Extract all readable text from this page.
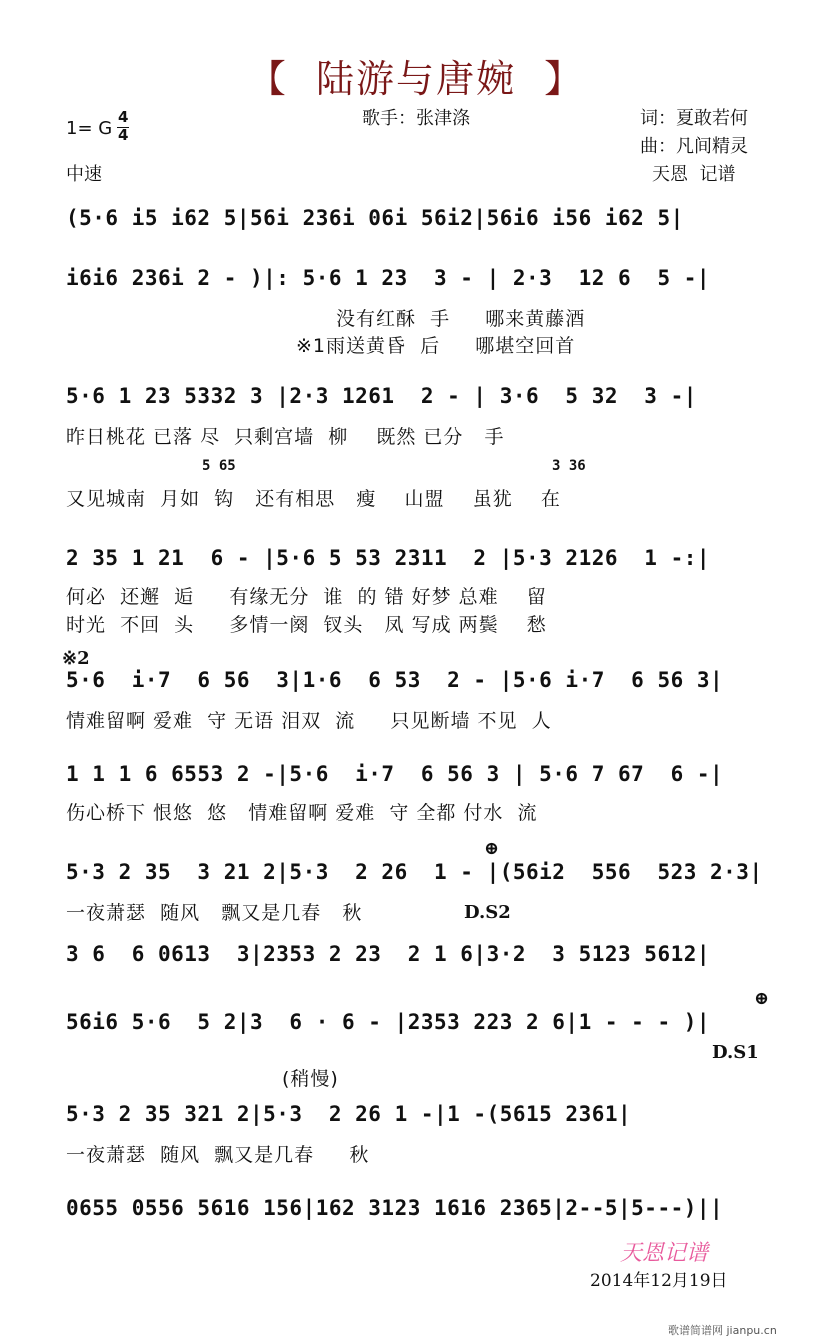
【  陆游与唐婉  】
1= G
4
4
中速
歌手：张津涤	词：夏敢若何
曲：凡间精灵
天恩  记谱
(5·6 i5 i62 5|56i 236i 06i 56i2|56i6 i56 i62 5|
i6i6 236i 2 - )|: 5·6 1 23  3 - | 2·3  12 6  5 -|
没有红酥  手     哪来黄藤酒
※1雨送黄昏  后     哪堪空回首
5·6 1 23 5332 3 |2·3 1261  2 - | 3·6  5 32  3 -|
昨日桃花 已落 尽  只剩宫墙  柳    既然 已分   手
5 65	3 36
又见城南  月如  钩   还有相思   瘦    山盟    虽犹    在
2 35 1 21  6 - |5·6 5 53 2311  2 |5·3 2126  1 -:|
何必  还邂  逅     有缘无分  谁  的 错 好梦 总难    留
时光  不回  头     多情一阕  钗头   凤 写成 两鬓    愁
※2
5·6  i·7  6 56  3|1·6  6 53  2 - |5·6 i·7  6 56 3|
情难留啊 爱难  守 无语 泪双  流     只见断墙 不见  人
1 1 1 6 6553 2 -|5·6  i·7  6 56 3 | 5·6 7 67  6 -|
伤心桥下 恨悠  悠   情难留啊 爱难  守 全都 付水  流
5·3 2 35  3 21 2|5·3  2 26  1 - |(56i2  556  523 2·3|
一夜萧瑟  随风   飘又是几春   秋	D.S2
⊕
3 6  6 0613  3|2353 2 23  2 1 6|3·2  3 5123 5612|
56i6 5·6  5 2|3  6 · 6 - |2353 223 2 6|1 - - - )|
⊕
D.S1
(稍慢)
5·3 2 35 321 2|5·3  2 26 1 -|1 -(5615 2361|
一夜萧瑟  随风  飘又是几春     秋
0655 0556 5616 156|162 3123 1616 2365|2--5|5---)||
天恩记谱
2014年12月19日
歌谱简谱网 jianpu.cn
